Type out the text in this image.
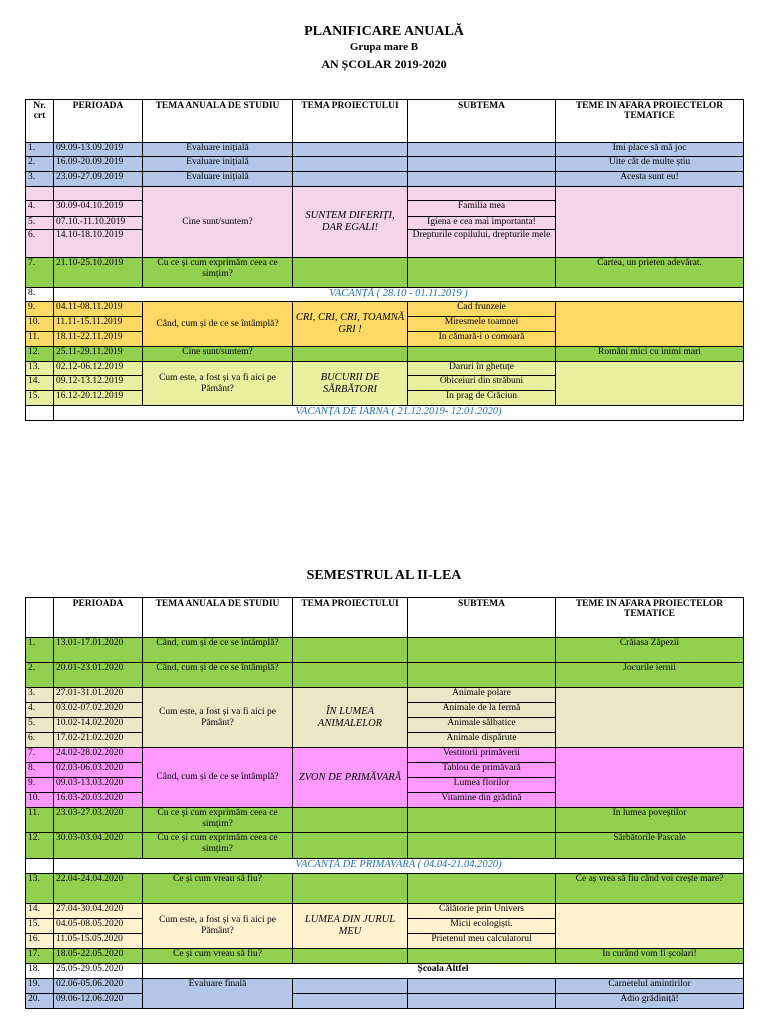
PLANIFICARE ANUALĂ
Grupa mare B
AN ȘCOLAR 2019-2020
Nr. crt	PERIOADA	TEMA ANUALA DE STUDIU	TEMA PROIECTULUI	SUBTEMA	TEME IN AFARA PROIECTELOR TEMATICE
1.	09.09-13.09.2019	Evaluare inițială			Îmi place să mă joc
2.	16.09-20.09.2019	Evaluare inițială			Uite cât de multe știu
3.	23.09-27.09.2019	Evaluare inițială			Acesta sunt eu!
		Cine sunt/suntem?	SUNTEM DIFERIȚI, DAR EGALI!		
4.	30.09-04.10.2019			Familia mea	
5.	07.10.-11.10.2019			Igiena e cea mai importanta!	
6.	14.10-18.10.2019			Drepturile copilului, drepturile mele	
7.	21.10-25.10.2019	Cu ce și cum exprimăm ceea ce simțim?			Cartea, un prieten adevărat.
8.	VACANȚĂ ( 28.10 - 01.11.2019 )				
9.	04.11-08.11.2019	Când, cum și de ce se întâmplă?	CRI, CRI, CRI, TOAMNĂ GRI !	Cad frunzele	
10.	11.11-15.11.2019			Miresmele toamnei	
11.	18.11-22.11.2019			In cămară-i o comoară	
12.	25.11-29.11.2019	Cine sunt/suntem?			Români mici cu inimi mari
13.	02.12-06.12.2019	Cum este, a fost și va fi aici pe Pământ?	BUCURII DE SĂRBĂTORI	Daruri în ghetuțe	
14.	09.12-13.12.2019			Obiceiuri din străbuni	
15.	16.12-20.12.2019			În prag de Crăciun	
	VACANȚA DE IARNA ( 21.12.2019- 12.01.2020)				
SEMESTRUL AL II-LEA
	PERIOADA	TEMA ANUALA DE STUDIU	TEMA PROIECTULUI	SUBTEMA	TEME IN AFARA PROIECTELOR TEMATICE
1.	13.01-17.01.2020	Când, cum și de ce se întâmplă?			Crăiasa Zăpezii
2.	20.01-23.01.2020	Când, cum și de ce se întâmplă?			Jocurile iernii
3.	27.01-31.01.2020	Cum este, a fost și va fi aici pe Pământ?	ÎN LUMEA ANIMALELOR	Animale polare	
4.	03.02-07.02.2020			Animale de la fermă	
5.	10.02-14.02.2020			Animale sălbatice	
6.	17.02-21.02.2020			Animale dispărute	
7.	24.02-28.02.2020	Când, cum și de ce se întâmplă?	ZVON DE PRIMĂVARĂ	Vestitorii primăverii	
8.	02.03-06.03.2020			Tablou de primăvară	
9.	09.03-13.03.2020			Lumea florilor	
10.	16.03-20.03.2020			Vitamine din grădină	
11.	23.03-27.03.2020	Cu ce și cum exprimăm ceea ce simțim?			În lumea poveștilor
12.	30.03-03.04.2020	Cu ce și cum exprimăm ceea ce simțim?			Sărbătorile Pascale
	VACANȚĂ DE PRIMAVARA ( 04.04-21.04.2020)				
13.	22.04-24.04.2020	Ce și cum vreau să fiu?			Ce aș vrea să fiu când voi crește mare?
14.	27.04-30.04.2020	Cum este, a fost și va fi aici pe Pământ?	LUMEA DIN JURUL MEU	Călătorie prin Univers	
15.	04.05-08.05.2020			Micii ecologiști.	
16.	11.05-15.05.2020			Prietenul meu calculatorul	
17.	18.05-22.05.2020	Ce și cum vreau să fiu?			În curând vom fi școlari!
18.	25.05-29.05.2020	Școala Altfel			
19.	02.06-05.06.2020	Evaluare finală			Carnetelul amintirilor
20.	09.06-12.06.2020				Adio grădiniță!
